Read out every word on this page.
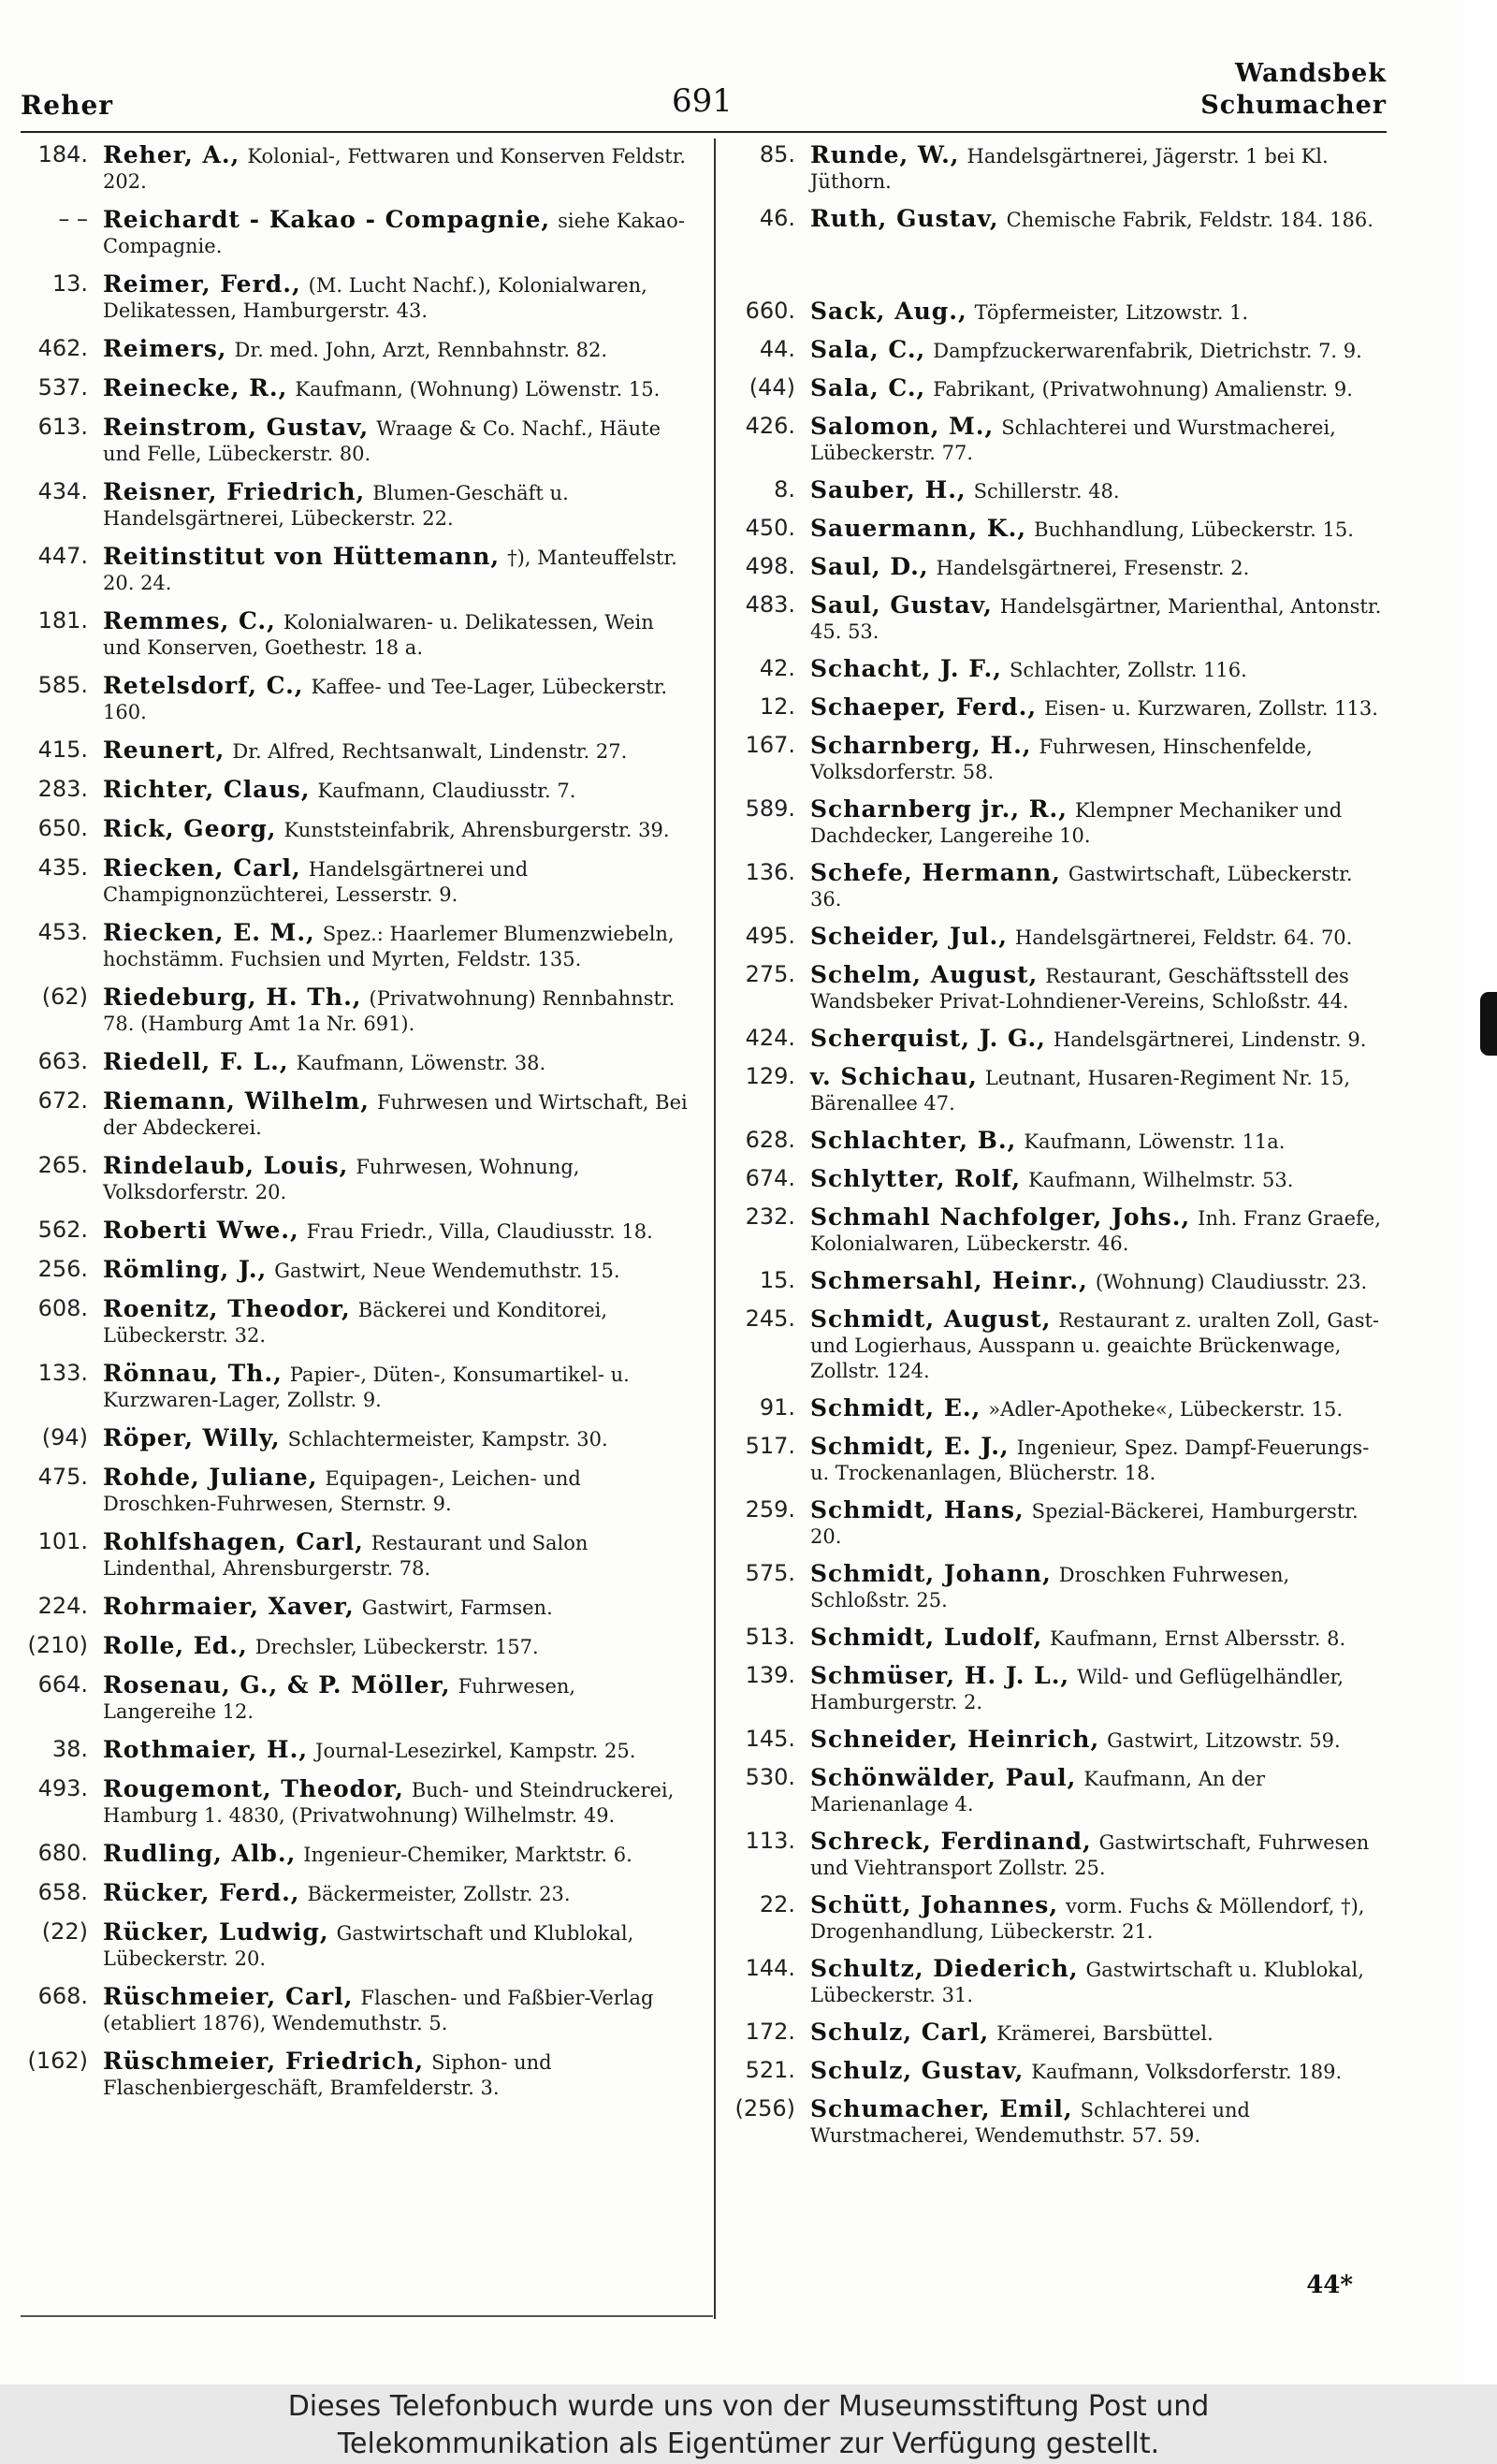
Reher	691
Wandsbek
Schumacher
184. Reher, A., Kolonial-, Fettwaren und Konserven Feldstr. 202.
– – Reichardt - Kakao - Compagnie, siehe Kakao-Compagnie.
13. Reimer, Ferd., (M. Lucht Nachf.), Kolonialwaren, Delikatessen, Hamburgerstr. 43.
462. Reimers, Dr. med. John, Arzt, Rennbahnstr. 82.
537. Reinecke, R., Kaufmann, (Wohnung) Löwenstr. 15.
613. Reinstrom, Gustav, Wraage & Co. Nachf., Häute und Felle, Lübeckerstr. 80.
434. Reisner, Friedrich, Blumen-Geschäft u. Handelsgärtnerei, Lübeckerstr. 22.
447. Reitinstitut von Hüttemann, †), Manteuffelstr. 20. 24.
181. Remmes, C., Kolonialwaren- u. Delikatessen, Wein und Konserven, Goethestr. 18 a.
585. Retelsdorf, C., Kaffee- und Tee-Lager, Lübeckerstr. 160.
415. Reunert, Dr. Alfred, Rechtsanwalt, Lindenstr. 27.
283. Richter, Claus, Kaufmann, Claudiusstr. 7.
650. Rick, Georg, Kunststeinfabrik, Ahrensburgerstr. 39.
435. Riecken, Carl, Handelsgärtnerei und Champignonzüchterei, Lesserstr. 9.
453. Riecken, E. M., Spez.: Haarlemer Blumenzwiebeln, hochstämm. Fuchsien und Myrten, Feldstr. 135.
(62) Riedeburg, H. Th., (Privatwohnung) Rennbahnstr. 78. (Hamburg Amt 1a Nr. 691).
663. Riedell, F. L., Kaufmann, Löwenstr. 38.
672. Riemann, Wilhelm, Fuhrwesen und Wirtschaft, Bei der Abdeckerei.
265. Rindelaub, Louis, Fuhrwesen, Wohnung, Volksdorferstr. 20.
562. Roberti Wwe., Frau Friedr., Villa, Claudiusstr. 18.
256. Römling, J., Gastwirt, Neue Wendemuthstr. 15.
608. Roenitz, Theodor, Bäckerei und Konditorei, Lübeckerstr. 32.
133. Rönnau, Th., Papier-, Düten-, Konsumartikel- u. Kurzwaren-Lager, Zollstr. 9.
(94) Röper, Willy, Schlachtermeister, Kampstr. 30.
475. Rohde, Juliane, Equipagen-, Leichen- und Droschken-Fuhrwesen, Sternstr. 9.
101. Rohlfshagen, Carl, Restaurant und Salon Lindenthal, Ahrensburgerstr. 78.
224. Rohrmaier, Xaver, Gastwirt, Farmsen.
(210) Rolle, Ed., Drechsler, Lübeckerstr. 157.
664. Rosenau, G., & P. Möller, Fuhrwesen, Langereihe 12.
38. Rothmaier, H., Journal-Lesezirkel, Kampstr. 25.
493. Rougemont, Theodor, Buch- und Steindruckerei, Hamburg 1. 4830, (Privatwohnung) Wilhelmstr. 49.
680. Rudling, Alb., Ingenieur-Chemiker, Marktstr. 6.
658. Rücker, Ferd., Bäckermeister, Zollstr. 23.
(22) Rücker, Ludwig, Gastwirtschaft und Klublokal, Lübeckerstr. 20.
668. Rüschmeier, Carl, Flaschen- und Faßbier-Verlag (etabliert 1876), Wendemuthstr. 5.
(162) Rüschmeier, Friedrich, Siphon- und Flaschenbiergeschäft, Bramfelderstr. 3.
85. Runde, W., Handelsgärtnerei, Jägerstr. 1 bei Kl. Jüthorn.
46. Ruth, Gustav, Chemische Fabrik, Feldstr. 184. 186.
660. Sack, Aug., Töpfermeister, Litzowstr. 1.
44. Sala, C., Dampfzuckerwarenfabrik, Dietrichstr. 7. 9.
(44) Sala, C., Fabrikant, (Privatwohnung) Amalienstr. 9.
426. Salomon, M., Schlachterei und Wurstmacherei, Lübeckerstr. 77.
8. Sauber, H., Schillerstr. 48.
450. Sauermann, K., Buchhandlung, Lübeckerstr. 15.
498. Saul, D., Handelsgärtnerei, Fresenstr. 2.
483. Saul, Gustav, Handelsgärtner, Marienthal, Antonstr. 45. 53.
42. Schacht, J. F., Schlachter, Zollstr. 116.
12. Schaeper, Ferd., Eisen- u. Kurzwaren, Zollstr. 113.
167. Scharnberg, H., Fuhrwesen, Hinschenfelde, Volksdorferstr. 58.
589. Scharnberg jr., R., Klempner Mechaniker und Dachdecker, Langereihe 10.
136. Schefe, Hermann, Gastwirtschaft, Lübeckerstr. 36.
495. Scheider, Jul., Handelsgärtnerei, Feldstr. 64. 70.
275. Schelm, August, Restaurant, Geschäftsstell des Wandsbeker Privat-Lohndiener-Vereins, Schloßstr. 44.
424. Scherquist, J. G., Handelsgärtnerei, Lindenstr. 9.
129. v. Schichau, Leutnant, Husaren-Regiment Nr. 15, Bärenallee 47.
628. Schlachter, B., Kaufmann, Löwenstr. 11a.
674. Schlytter, Rolf, Kaufmann, Wilhelmstr. 53.
232. Schmahl Nachfolger, Johs., Inh. Franz Graefe, Kolonialwaren, Lübeckerstr. 46.
15. Schmersahl, Heinr., (Wohnung) Claudiusstr. 23.
245. Schmidt, August, Restaurant z. uralten Zoll, Gast- und Logierhaus, Ausspann u. geaichte Brückenwage, Zollstr. 124.
91. Schmidt, E., »Adler-Apotheke«, Lübeckerstr. 15.
517. Schmidt, E. J., Ingenieur, Spez. Dampf-Feuerungs- u. Trockenanlagen, Blücherstr. 18.
259. Schmidt, Hans, Spezial-Bäckerei, Hamburgerstr. 20.
575. Schmidt, Johann, Droschken Fuhrwesen, Schloßstr. 25.
513. Schmidt, Ludolf, Kaufmann, Ernst Albersstr. 8.
139. Schmüser, H. J. L., Wild- und Geflügelhändler, Hamburgerstr. 2.
145. Schneider, Heinrich, Gastwirt, Litzowstr. 59.
530. Schönwälder, Paul, Kaufmann, An der Marienanlage 4.
113. Schreck, Ferdinand, Gastwirtschaft, Fuhrwesen und Viehtransport Zollstr. 25.
22. Schütt, Johannes, vorm. Fuchs & Möllendorf, †), Drogenhandlung, Lübeckerstr. 21.
144. Schultz, Diederich, Gastwirtschaft u. Klublokal, Lübeckerstr. 31.
172. Schulz, Carl, Krämerei, Barsbüttel.
521. Schulz, Gustav, Kaufmann, Volksdorferstr. 189.
(256) Schumacher, Emil, Schlachterei und Wurstmacherei, Wendemuthstr. 57. 59.
44*
Dieses Telefonbuch wurde uns von der Museumsstiftung Post und
Telekommunikation als Eigentümer zur Verfügung gestellt.
